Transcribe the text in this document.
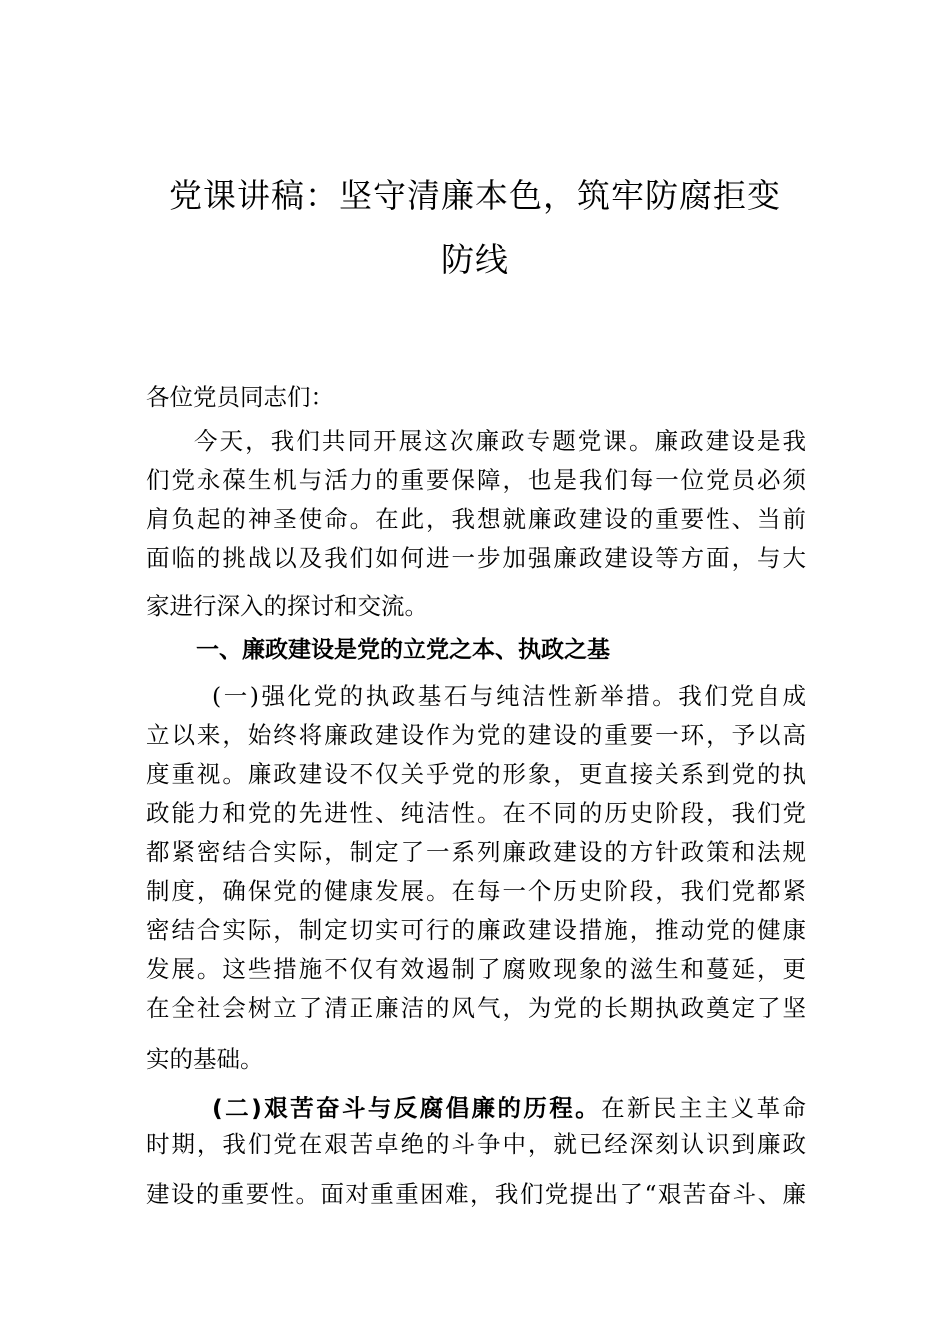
党课讲稿：坚守清廉本色，筑牢防腐拒变
防线
各位党员同志们：
今天，我们共同开展这次廉政专题党课。廉政建设是我
们党永葆生机与活力的重要保障，也是我们每一位党员必须
肩负起的神圣使命。在此，我想就廉政建设的重要性、当前
面临的挑战以及我们如何进一步加强廉政建设等方面，与大
家进行深入的探讨和交流。
一、廉政建设是党的立党之本、执政之基
(一)强化党的执政基石与纯洁性新举措。我们党自成
立以来，始终将廉政建设作为党的建设的重要一环，予以高
度重视。廉政建设不仅关乎党的形象，更直接关系到党的执
政能力和党的先进性、纯洁性。在不同的历史阶段，我们党
都紧密结合实际，制定了一系列廉政建设的方针政策和法规
制度，确保党的健康发展。在每一个历史阶段，我们党都紧
密结合实际，制定切实可行的廉政建设措施，推动党的健康
发展。这些措施不仅有效遏制了腐败现象的滋生和蔓延，更
在全社会树立了清正廉洁的风气，为党的长期执政奠定了坚
实的基础。
(二)艰苦奋斗与反腐倡廉的历程。在新民主主义革命
时期，我们党在艰苦卓绝的斗争中，就已经深刻认识到廉政
建设的重要性。面对重重困难，我们党提出了“艰苦奋斗、廉
